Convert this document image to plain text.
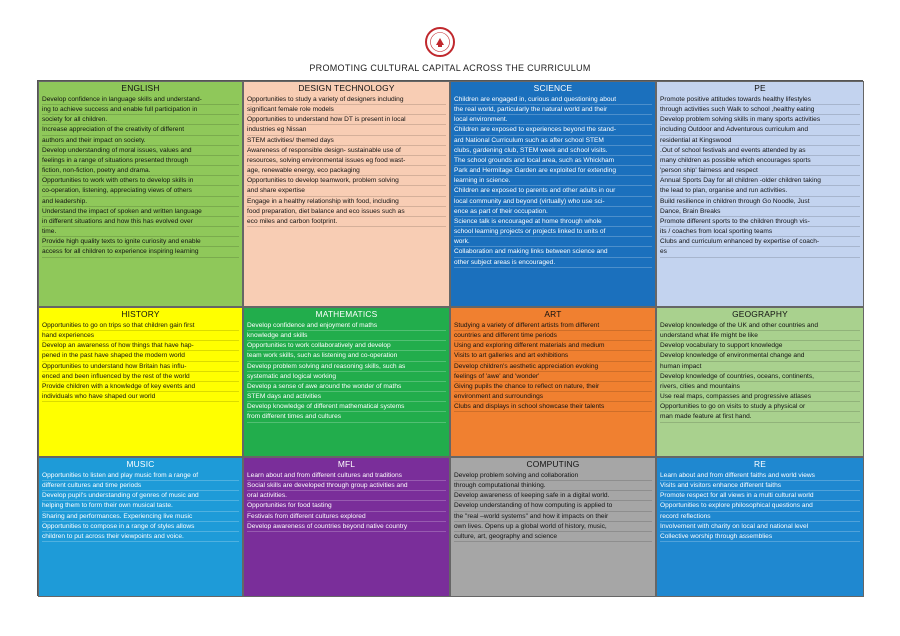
PROMOTING CULTURAL CAPITAL ACROSS THE CURRICULUM
ENGLISH
Develop confidence in language skills and understand-
ing to achieve success and enable full participation in
society for all children.
Increase appreciation of the creativity of different
authors and their impact on society.
Develop understanding of moral issues, values and
feelings in a range of situations presented through
fiction, non-fiction, poetry and drama.
Opportunities to work with others to develop skills in
co-operation, listening, appreciating views of others
and leadership.
Understand the impact of spoken and written language
in different situations and how this has evolved over
time.
Provide high quality texts to ignite curiosity and enable
access for all children to experience inspiring learning
DESIGN TECHNOLOGY
Opportunities to study a variety of designers including
significant female role models
Opportunities to understand how DT is present in local
industries eg Nissan
STEM activities/ themed days
Awareness of responsible design- sustainable use of
resources, solving environmental issues eg food wast-
age, renewable energy, eco packaging
Opportunities to develop teamwork, problem solving
and share expertise
Engage in a healthy relationship with food, including
food preparation, diet balance and eco issues such as
eco miles and carbon footprint.
SCIENCE
Children are engaged in, curious and questioning about
the real world, particularly the natural world and their
local environment.
Children are exposed to experiences beyond the stand-
ard National Curriculum such as after school STEM
clubs, gardening club, STEM week and school visits.
The school grounds and local area, such as Whickham
Park and Hermitage Garden are exploited for extending
learning in science.
Children are exposed to parents and other adults in our
local community and beyond (virtually) who use sci-
ence as part of their occupation.
Science talk is encouraged at home through whole
school learning projects or projects linked to units of
work.
Collaboration and making links between science and
other subject areas is encouraged.
PE
Promote positive attitudes towards healthy lifestyles
through activities such Walk to school ,healthy eating
Develop problem solving skills in many sports activities
including Outdoor and Adventurous curriculum and
residential at Kingswood
.Out of school festivals and events attended by as
many children as possible which encourages sports
'person ship' fairness and respect
Annual Sports Day for all children -older children taking
the lead to plan, organise and run activities.
Build resilience in children through Go Noodle, Just
Dance, Brain Breaks
Promote different sports to the children through vis-
its / coaches from local sporting teams
Clubs and curriculum enhanced by expertise of coach-
es
HISTORY
Opportunities to go on trips so that children gain first
hand experiences
Develop an awareness of how things that have hap-
pened in the past have shaped the modern world
Opportunities to understand how Britain has influ-
enced and been influenced by the rest of the world
Provide children with a knowledge of key events and
individuals who have shaped our world
MATHEMATICS
Develop confidence and enjoyment of maths
knowledge and skills
Opportunities to work collaboratively and develop
team work skills, such as listening and co-operation
Develop problem solving and reasoning skills, such as
systematic and logical working
Develop a sense of awe around the wonder of maths
STEM days and activities
Develop knowledge of different mathematical systems
from different times and cultures
ART
Studying a variety of different artists from different
countries and different time periods
Using and exploring different materials and medium
Visits to art galleries and art exhibitions
Develop children's aesthetic appreciation evoking
feelings of 'awe' and 'wonder'
Giving pupils the chance to reflect on nature, their
environment and surroundings
Clubs and displays in school showcase their talents
GEOGRAPHY
Develop knowledge of the UK and other countries and
understand what life might be like
Develop vocabulary to support knowledge
Develop knowledge of environmental change and
human impact
Develop knowledge of countries, oceans, continents,
rivers, cities and mountains
Use real maps, compasses and progressive atlases
Opportunities to go on visits to study a physical or
man made feature at first hand.
MUSIC
Opportunities to listen and play music from a range of
different cultures and time periods
Develop pupil's understanding of genres of music and
helping them to form their own musical taste.
Sharing and performances. Experiencing live music
Opportunities to compose in a range of styles allows
children to put across their viewpoints and voice.
MFL
Learn about and from different cultures and traditions
Social skills are developed through group activities and
oral activities.
Opportunities for food tasting
Festivals from different cultures explored
Develop awareness of countries beyond native country
COMPUTING
Develop problem solving and collaboration
through computational thinking.
Develop awareness of keeping safe in a digital world.
Develop understanding of how computing is applied to
the "real –world systems" and how it impacts on their
own lives. Opens up a global world of history, music,
culture, art, geography and science
RE
Learn about and from different faiths and world views
Visits and visitors enhance different faiths
Promote respect for all views in a multi cultural world
Opportunities to explore philosophical questions and
record reflections
Involvement with charity on local and national level
Collective worship through assemblies
